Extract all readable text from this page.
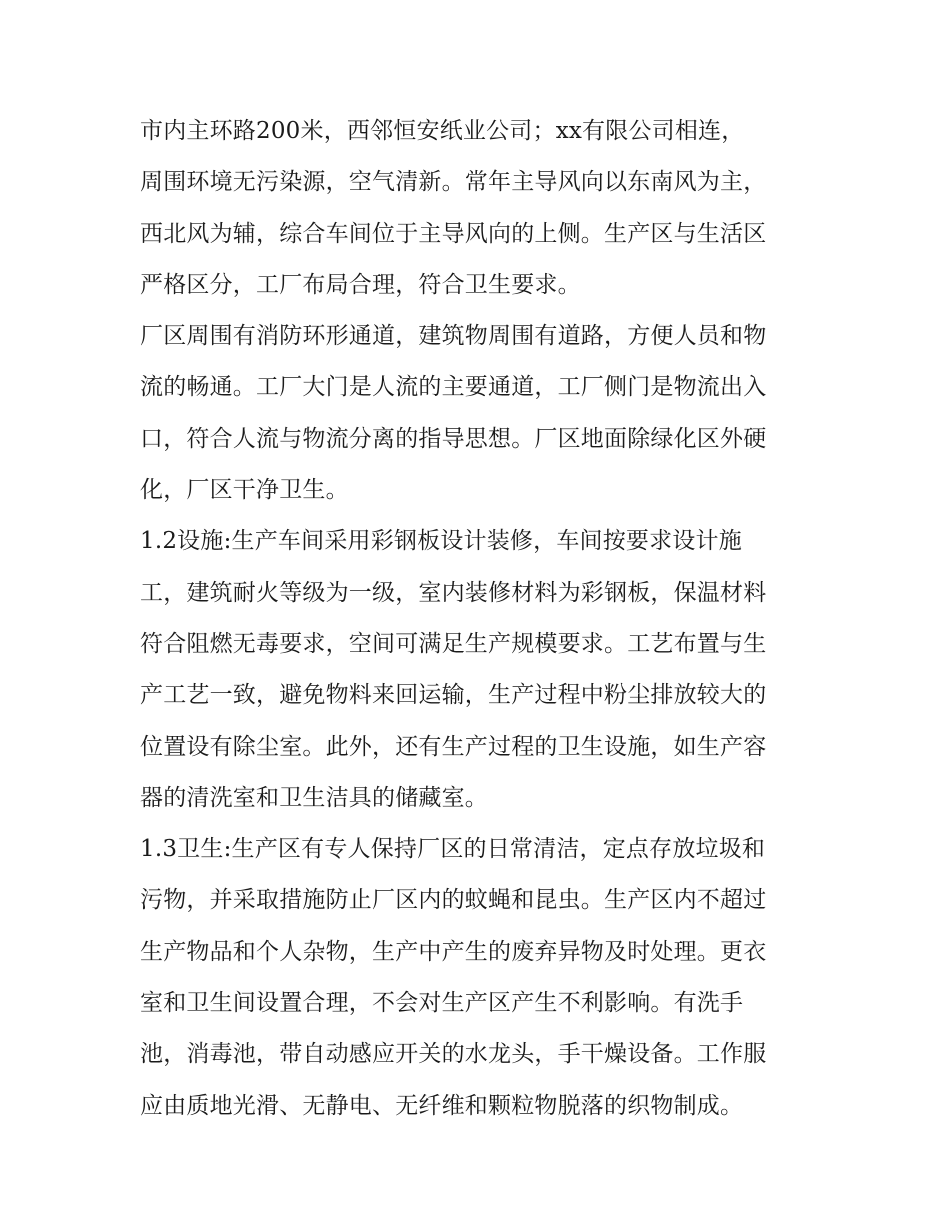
市内主环路200米，西邻恒安纸业公司；xx有限公司相连，
周围环境无污染源，空气清新。常年主导风向以东南风为主，
西北风为辅，综合车间位于主导风向的上侧。生产区与生活区
严格区分，工厂布局合理，符合卫生要求。
厂区周围有消防环形通道，建筑物周围有道路，方便人员和物
流的畅通。工厂大门是人流的主要通道，工厂侧门是物流出入
口，符合人流与物流分离的指导思想。厂区地面除绿化区外硬
化，厂区干净卫生。
1.2设施:生产车间采用彩钢板设计装修，车间按要求设计施
工，建筑耐火等级为一级，室内装修材料为彩钢板，保温材料
符合阻燃无毒要求，空间可满足生产规模要求。工艺布置与生
产工艺一致，避免物料来回运输，生产过程中粉尘排放较大的
位置设有除尘室。此外，还有生产过程的卫生设施，如生产容
器的清洗室和卫生洁具的储藏室。
1.3卫生:生产区有专人保持厂区的日常清洁，定点存放垃圾和
污物，并采取措施防止厂区内的蚊蝇和昆虫。生产区内不超过
生产物品和个人杂物，生产中产生的废弃异物及时处理。更衣
室和卫生间设置合理，不会对生产区产生不利影响。有洗手
池，消毒池，带自动感应开关的水龙头，手干燥设备。工作服
应由质地光滑、无静电、无纤维和颗粒物脱落的织物制成。
